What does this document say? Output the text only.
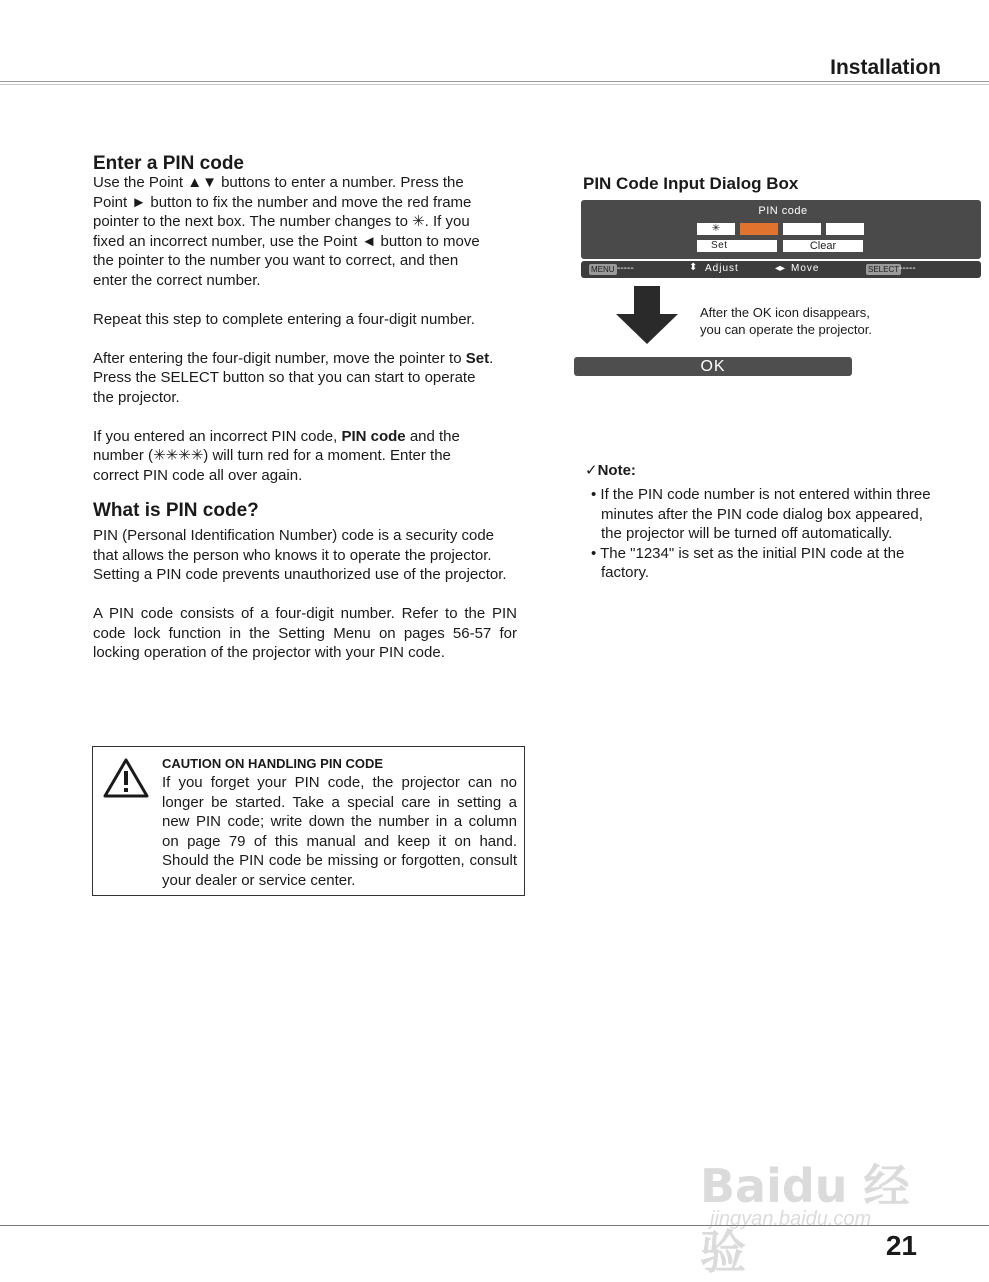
Installation
21
Enter a PIN code
Use the Point ▲▼ buttons to enter a number. Press the
Point ► button to fix the number and move the red frame
pointer to the next box. The number changes to ✳. If you
fixed an incorrect number, use the Point ◄ button to move
the pointer to the number you want to correct, and then
enter the correct number.
Repeat this step to complete entering a four-digit number.
After entering the four-digit number, move the pointer to Set.
Press the SELECT button so that you can start to operate
the projector.
If you entered an incorrect PIN code, PIN code and the
number (✳✳✳✳) will turn red for a moment. Enter the
correct PIN code all over again.
What is PIN code?

PIN (Personal Identification Number) code is a security code that allows the person who knows it to operate the projector. Setting a PIN code prevents unauthorized use of the projector.

A PIN code consists of a four-digit number. Refer to the PIN code lock function in the Setting Menu on pages 56-57 for locking operation of the projector with your PIN code.

CAUTION ON HANDLING PIN CODE
If you forget your PIN code, the projector can no longer be started. Take a special care in setting a new PIN code; write down the number in a column on page 79 of this manual and keep it on hand. Should the PIN code be missing or forgotten, consult your dealer or service center.
PIN Code Input Dialog Box
PIN code
✳
Set	Clear
MENU -----	⬍ Adjust	◂▸ Move	SELECT -----
After the OK icon disappears,
you can operate the projector.
OK
✓Note:
• If the PIN code number is not entered within three minutes after the PIN code dialog box appeared, the projector will be turned off automatically.
• The "1234" is set as the initial PIN code at the factory.
Baidu 经验
jingyan.baidu.com
